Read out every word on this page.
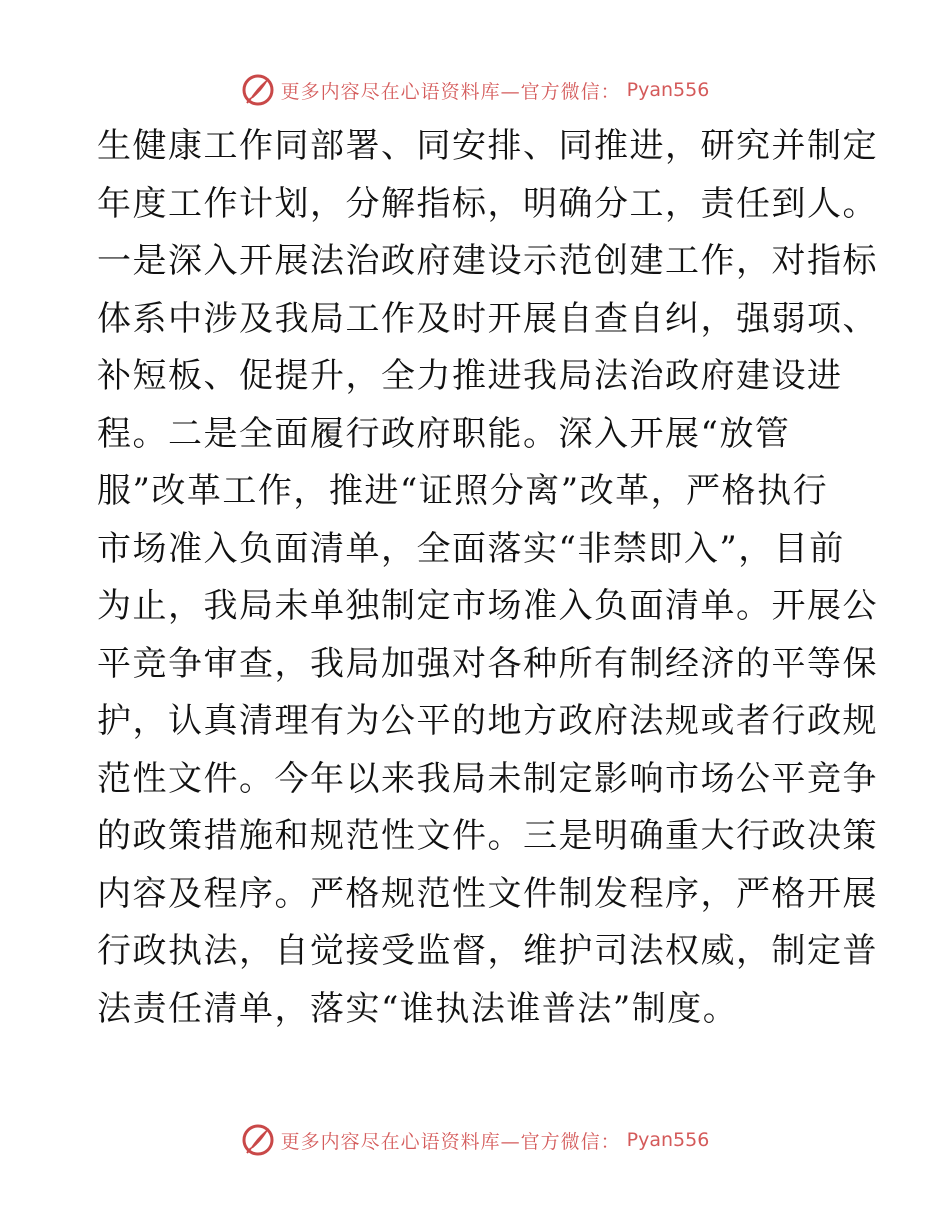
更多内容尽在心语资料库—官方微信： Pyan556
生健康工作同部署、同安排、同推进，研究并制定
年度工作计划，分解指标，明确分工，责任到人。
一是深入开展法治政府建设示范创建工作，对指标
体系中涉及我局工作及时开展自查自纠，强弱项、
补短板、促提升，全力推进我局法治政府建设进
程。二是全面履行政府职能。深入开展“放管
服”改革工作，推进“证照分离”改革，严格执行
市场准入负面清单，全面落实“非禁即入”，目前
为止，我局未单独制定市场准入负面清单。开展公
平竞争审查，我局加强对各种所有制经济的平等保
护，认真清理有为公平的地方政府法规或者行政规
范性文件。今年以来我局未制定影响市场公平竞争
的政策措施和规范性文件。三是明确重大行政决策
内容及程序。严格规范性文件制发程序，严格开展
行政执法，自觉接受监督，维护司法权威，制定普
法责任清单，落实“谁执法谁普法”制度。
更多内容尽在心语资料库—官方微信： Pyan556
